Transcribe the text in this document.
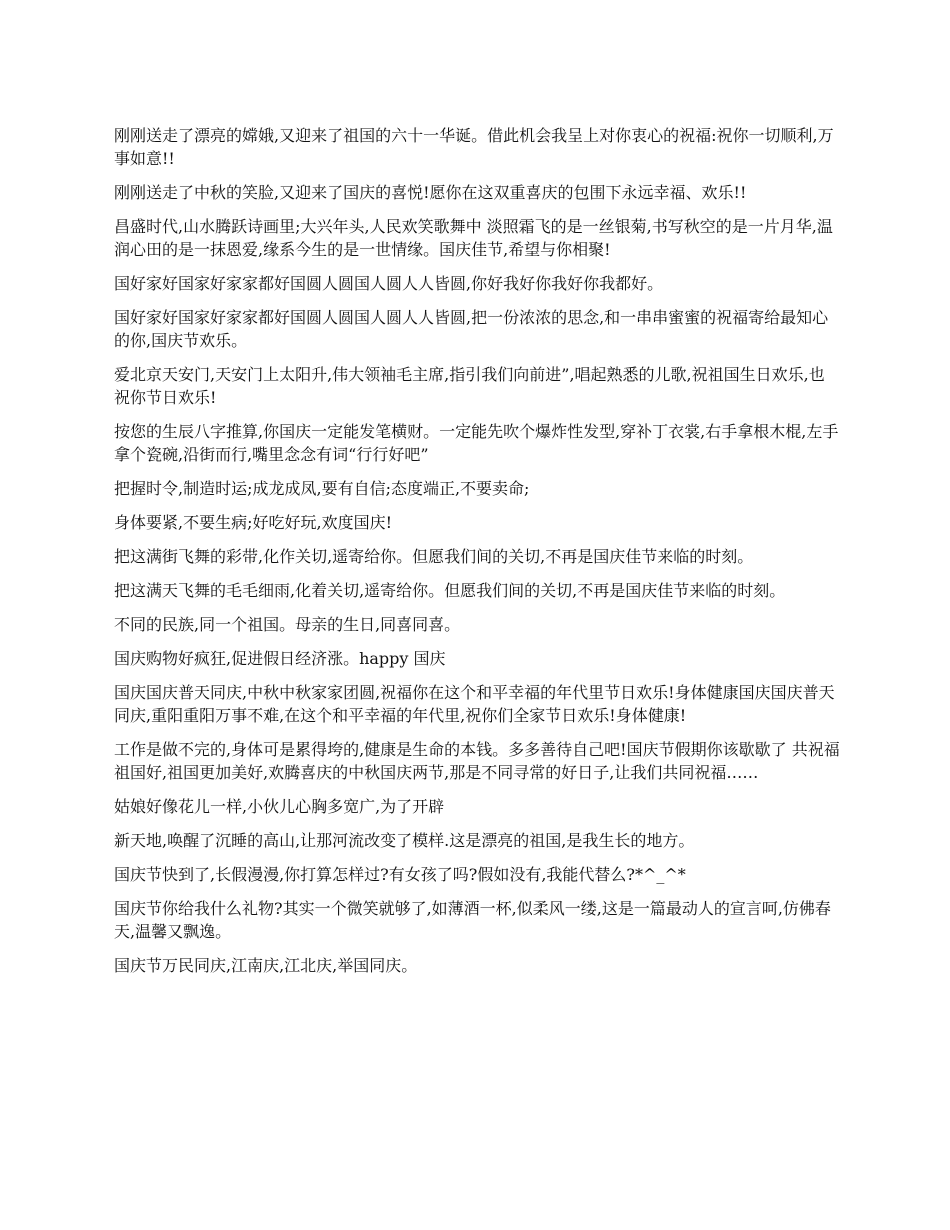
刚刚送走了漂亮的嫦娥,又迎来了祖国的六十一华诞。借此机会我呈上对你衷心的祝福:祝你一切顺利,万事如意!!

刚刚送走了中秋的笑脸,又迎来了国庆的喜悦!愿你在这双重喜庆的包围下永远幸福、欢乐!!

昌盛时代,山水腾跃诗画里;大兴年头,人民欢笑歌舞中 淡照霜飞的是一丝银菊,书写秋空的是一片月华,温润心田的是一抹恩爱,缘系今生的是一世情缘。国庆佳节,希望与你相聚!

国好家好国家好家家都好国圆人圆国人圆人人皆圆,你好我好你我好你我都好。

国好家好国家好家家都好国圆人圆国人圆人人皆圆,把一份浓浓的思念,和一串串蜜蜜的祝福寄给最知心的你,国庆节欢乐。

爱北京天安门,天安门上太阳升,伟大领袖毛主席,指引我们向前进”,唱起熟悉的儿歌,祝祖国生日欢乐,也祝你节日欢乐!

按您的生辰八字推算,你国庆一定能发笔横财。一定能先吹个爆炸性发型,穿补丁衣裳,右手拿根木棍,左手拿个瓷碗,沿街而行,嘴里念念有词“行行好吧”

把握时令,制造时运;成龙成凤,要有自信;态度端正,不要卖命;

身体要紧,不要生病;好吃好玩,欢度国庆!

把这满街飞舞的彩带,化作关切,遥寄给你。但愿我们间的关切,不再是国庆佳节来临的时刻。

把这满天飞舞的毛毛细雨,化着关切,遥寄给你。但愿我们间的关切,不再是国庆佳节来临的时刻。

不同的民族,同一个祖国。母亲的生日,同喜同喜。

国庆购物好疯狂,促进假日经济涨。happy 国庆

国庆国庆普天同庆,中秋中秋家家团圆,祝福你在这个和平幸福的年代里节日欢乐!身体健康国庆国庆普天同庆,重阳重阳万事不难,在这个和平幸福的年代里,祝你们全家节日欢乐!身体健康!

工作是做不完的,身体可是累得垮的,健康是生命的本钱。多多善待自己吧!国庆节假期你该歇歇了 共祝福祖国好,祖国更加美好,欢腾喜庆的中秋国庆两节,那是不同寻常的好日子,让我们共同祝福……

姑娘好像花儿一样,小伙儿心胸多宽广,为了开辟

新天地,唤醒了沉睡的高山,让那河流改变了模样.这是漂亮的祖国,是我生长的地方。

国庆节快到了,长假漫漫,你打算怎样过?有女孩了吗?假如没有,我能代替么?*^_^*

国庆节你给我什么礼物?其实一个微笑就够了,如薄酒一杯,似柔风一缕,这是一篇最动人的宣言呵,仿佛春天,温馨又飘逸。

国庆节万民同庆,江南庆,江北庆,举国同庆。
